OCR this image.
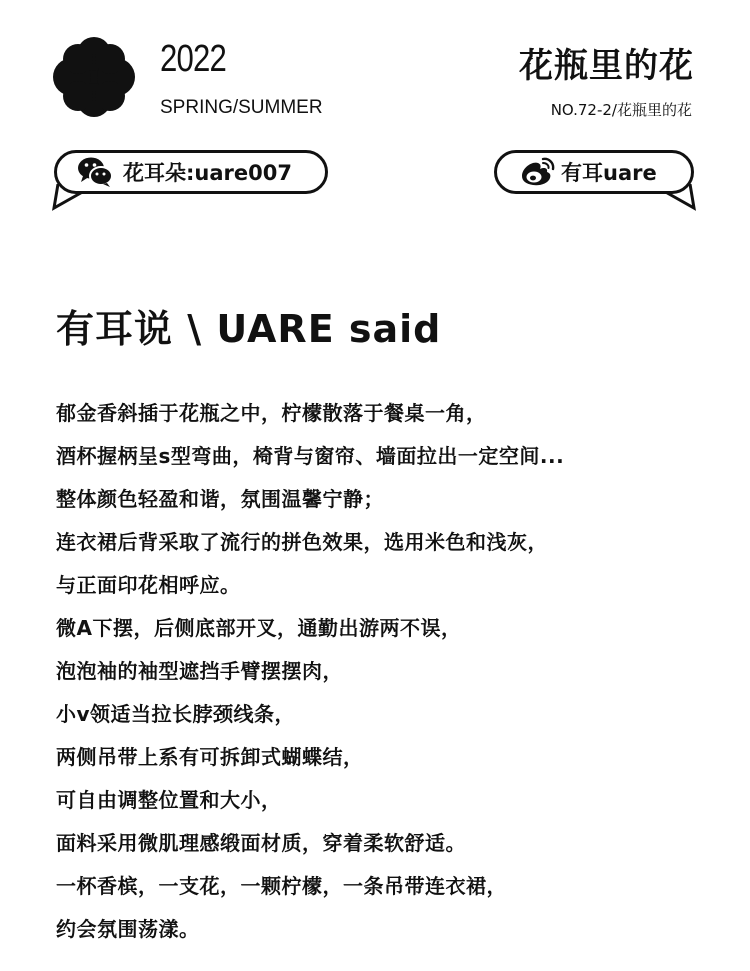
2022
SPRING/SUMMER
花瓶里的花
NO.72-2/花瓶里的花
花耳朵:uare007	有耳uare
有耳说 \ UARE said
郁金香斜插于花瓶之中，柠檬散落于餐桌一角，
酒杯握柄呈s型弯曲，椅背与窗帘、墙面拉出一定空间...
整体颜色轻盈和谐，氛围温馨宁静；
连衣裙后背采取了流行的拼色效果，选用米色和浅灰，
与正面印花相呼应。
微A下摆，后侧底部开叉，通勤出游两不误，
泡泡袖的袖型遮挡手臂摆摆肉，
小v领适当拉长脖颈线条，
两侧吊带上系有可拆卸式蝴蝶结，
可自由调整位置和大小，
面料采用微肌理感缎面材质，穿着柔软舒适。
一杯香槟，一支花，一颗柠檬，一条吊带连衣裙，
约会氛围荡漾。
